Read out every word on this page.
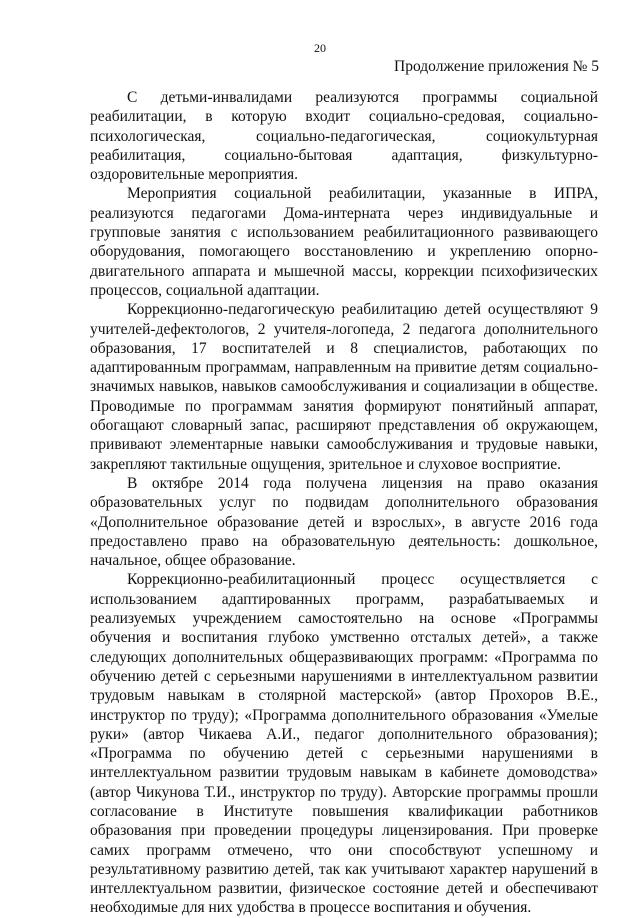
20
Продолжение приложения № 5

С детьми-инвалидами реализуются программы социальной реабилитации, в которую входит социально-средовая, социально-психологическая, социально-педагогическая, социокультурная реабилитация, социально-бытовая адаптация, физкультурно-оздоровительные мероприятия.

Мероприятия социальной реабилитации, указанные в ИПРА, реализуются педагогами Дома-интерната через индивидуальные и групповые занятия с использованием реабилитационного развивающего оборудования, помогающего восстановлению и укреплению опорно-двигательного аппарата и мышечной массы, коррекции психофизических процессов, социальной адаптации.

Коррекционно-педагогическую реабилитацию детей осуществляют 9 учителей-дефектологов, 2 учителя-логопеда, 2 педагога дополнительного образования, 17 воспитателей и 8 специалистов, работающих по адаптированным программам, направленным на привитие детям социально-значимых навыков, навыков самообслуживания и социализации в обществе. Проводимые по программам занятия формируют понятийный аппарат, обогащают словарный запас, расширяют представления об окружающем, прививают элементарные навыки самообслуживания и трудовые навыки, закрепляют тактильные ощущения, зрительное и слуховое восприятие.

В октябре 2014 года получена лицензия на право оказания образовательных услуг по подвидам дополнительного образования «Дополнительное образование детей и взрослых», в августе 2016 года предоставлено право на образовательную деятельность: дошкольное, начальное, общее образование.

Коррекционно-реабилитационный процесс осуществляется с использованием адаптированных программ, разрабатываемых и реализуемых учреждением самостоятельно на основе «Программы обучения и воспитания глубоко умственно отсталых детей», а также следующих дополнительных общеразвивающих программ: «Программа по обучению детей с серьезными нарушениями в интеллектуальном развитии трудовым навыкам в столярной мастерской» (автор Прохоров В.Е., инструктор по труду); «Программа дополнительного образования «Умелые руки» (автор Чикаева А.И., педагог дополнительного образования); «Программа по обучению детей с серьезными нарушениями в интеллектуальном развитии трудовым навыкам в кабинете домоводства» (автор Чикунова Т.И., инструктор по труду). Авторские программы прошли согласование в Институте повышения квалификации работников образования при проведении процедуры лицензирования. При проверке самих программ отмечено, что они способствуют успешному и результативному развитию детей, так как учитывают характер нарушений в интеллектуальном развитии, физическое состояние детей и обеспечивают необходимые для них удобства в процессе воспитания и обучения.
